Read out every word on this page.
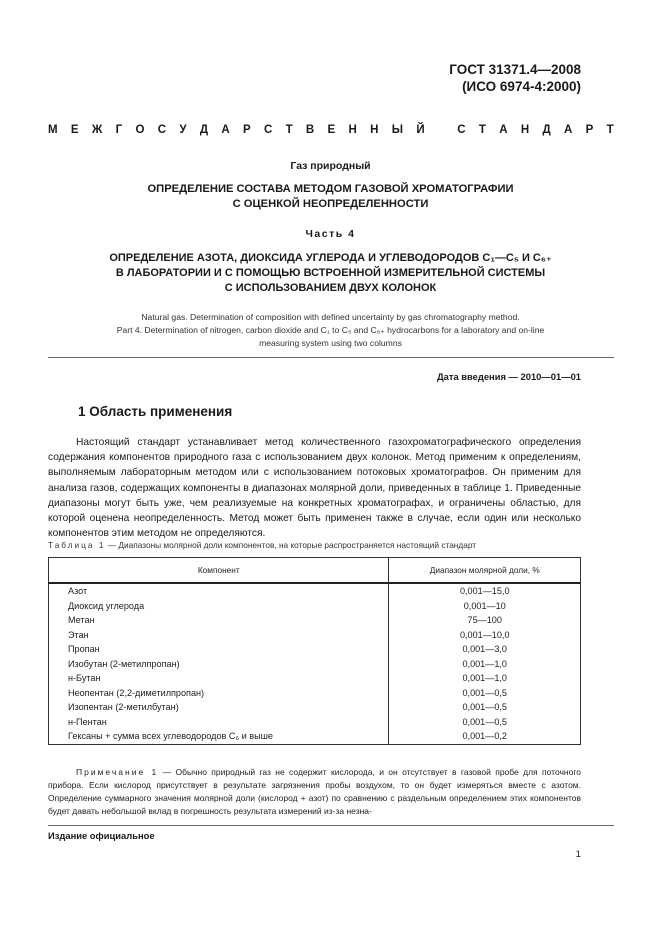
ГОСТ 31371.4—2008
(ИСО 6974-4:2000)
М Е Ж Г О С У Д А Р С Т В Е Н Н Ы Й	С Т А Н Д А Р Т
Газ природный
ОПРЕДЕЛЕНИЕ СОСТАВА МЕТОДОМ ГАЗОВОЙ ХРОМАТОГРАФИИ
С ОЦЕНКОЙ НЕОПРЕДЕЛЕННОСТИ
Часть 4
ОПРЕДЕЛЕНИЕ АЗОТА, ДИОКСИДА УГЛЕРОДА И УГЛЕВОДОРОДОВ С₁—С₅ И С₆₊
В ЛАБОРАТОРИИ И С ПОМОЩЬЮ ВСТРОЕННОЙ ИЗМЕРИТЕЛЬНОЙ СИСТЕМЫ
С ИСПОЛЬЗОВАНИЕМ ДВУХ КОЛОНОК
Natural gas. Determination of composition with defined uncertainty by gas chromatography method.
Part 4. Determination of nitrogen, carbon dioxide and C₁ to C₅ and C₆₊ hydrocarbons for a laboratory and on-line
measuring system using two columns
Дата введения — 2010—01—01
1 Область применения
Настоящий стандарт устанавливает метод количественного газохроматографического определения содержания компонентов природного газа с использованием двух колонок. Метод применим к определениям, выполняемым лабораторным методом или с использованием потоковых хроматографов. Он применим для анализа газов, содержащих компоненты в диапазонах молярной доли, приведенных в таблице 1. Приведенные диапазоны могут быть уже, чем реализуемые на конкретных хроматографах, и ограничены областью, для которой оценена неопределенность. Метод может быть применен также в случае, если один или несколько компонентов этим методом не определяются.
Таблица 1 — Диапазоны молярной доли компонентов, на которые распространяется настоящий стандарт
Компонент	Диапазон молярной доли, %
Азот	0,001—15,0
Диоксид углерода	0,001—10
Метан	75—100
Этан	0,001—10,0
Пропан	0,001—3,0
Изобутан (2-метилпропан)	0,001—1,0
н-Бутан	0,001—1,0
Неопентан (2,2-диметилпропан)	0,001—0,5
Изопентан (2-метилбутан)	0,001—0,5
н-Пентан	0,001—0,5
Гексаны + сумма всех углеводородов С₆ и выше	0,001—0,2
Примечание 1 — Обычно природный газ не содержит кислорода, и он отсутствует в газовой пробе для поточного прибора. Если кислород присутствует в результате загрязнения пробы воздухом, то он будет измеряться вместе с азотом. Определение суммарного значения молярной доли (кислород + азот) по сравнению с раздельным определением этих компонентов будет давать небольшой вклад в погрешность результата измерений из-за незна-
Издание официальное
1
